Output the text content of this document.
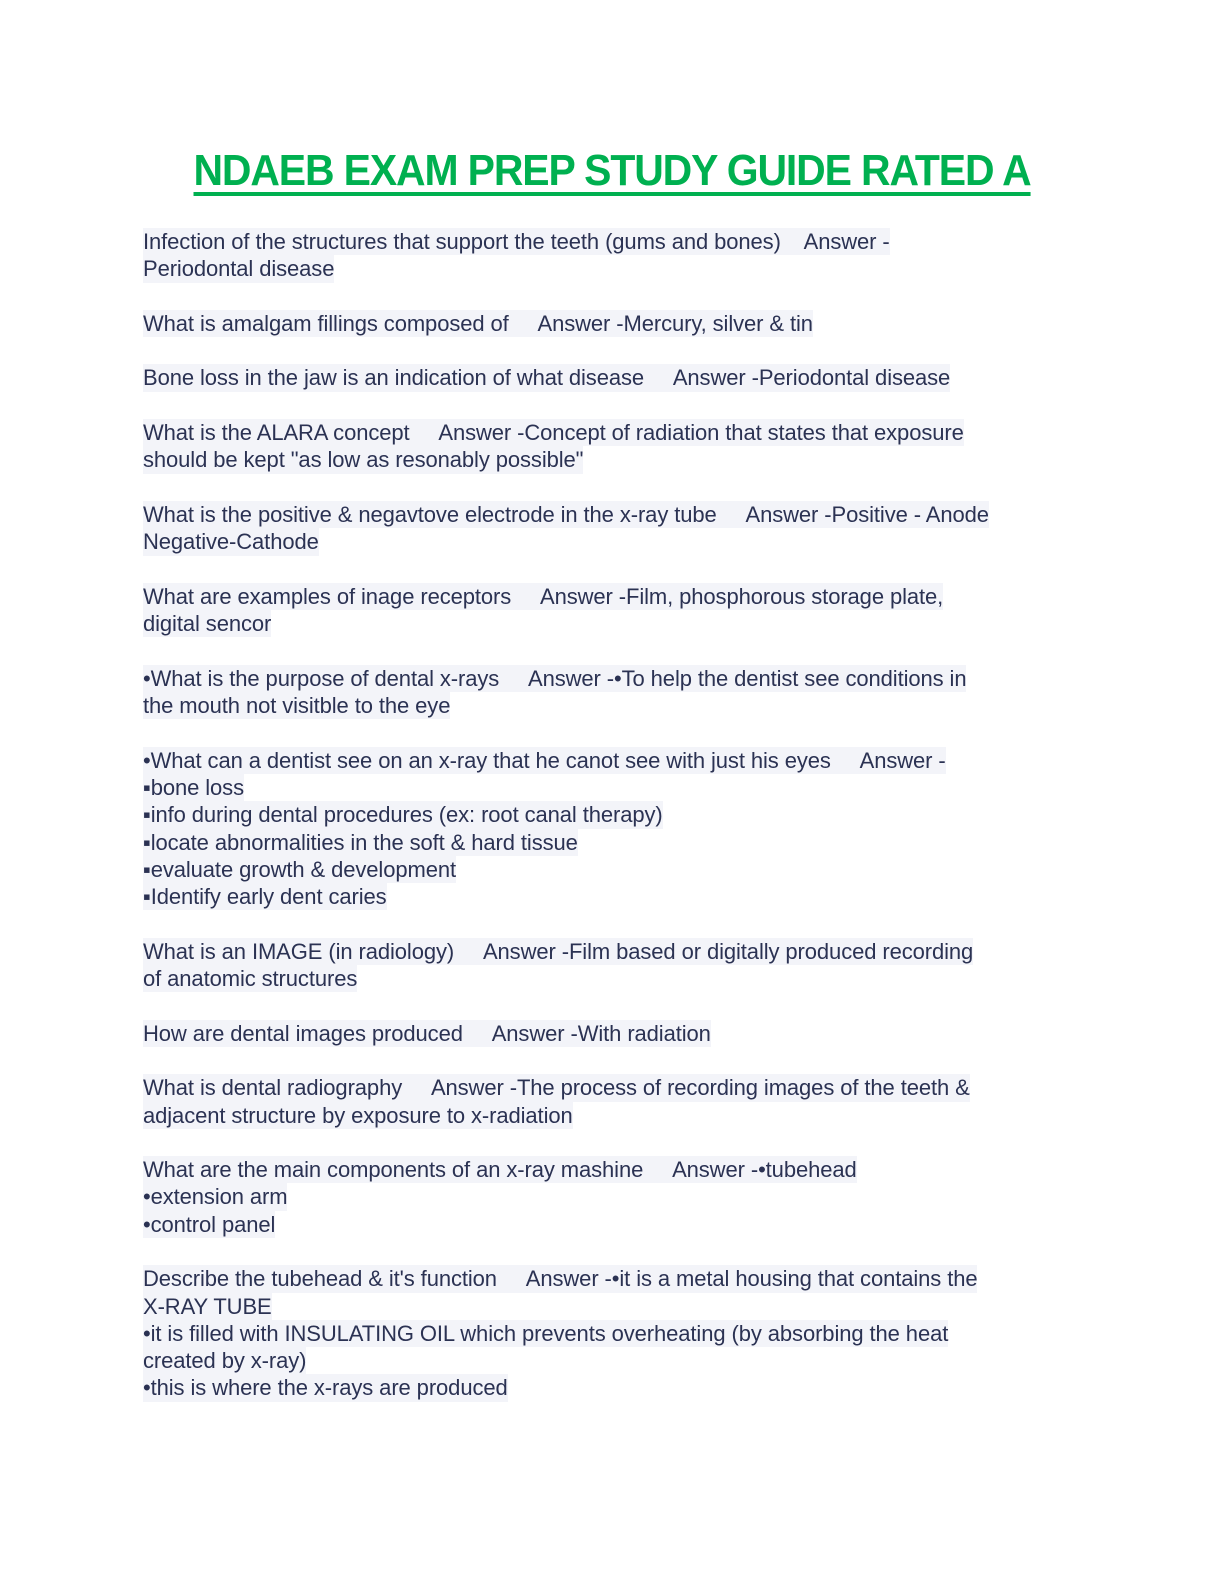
NDAEB EXAM PREP STUDY GUIDE RATED A
Infection of the structures that support the teeth (gums and bones)    Answer -
Periodontal disease
What is amalgam fillings composed of     Answer -Mercury, silver & tin
Bone loss in the jaw is an indication of what disease     Answer -Periodontal disease
What is the ALARA concept     Answer -Concept of radiation that states that exposure
should be kept "as low as resonably possible"
What is the positive & negavtove electrode in the x-ray tube     Answer -Positive - Anode
Negative-Cathode
What are examples of inage receptors     Answer -Film, phosphorous storage plate,
digital sencor
•What is the purpose of dental x-rays     Answer -•To help the dentist see conditions in
the mouth not visitble to the eye
•What can a dentist see on an x-ray that he canot see with just his eyes     Answer -
▪bone loss
▪info during dental procedures (ex: root canal therapy)
▪locate abnormalities in the soft & hard tissue
▪evaluate growth & development
▪Identify early dent caries
What is an IMAGE (in radiology)     Answer -Film based or digitally produced recording
of anatomic structures
How are dental images produced     Answer -With radiation
What is dental radiography     Answer -The process of recording images of the teeth &
adjacent structure by exposure to x-radiation
What are the main components of an x-ray mashine     Answer -•tubehead
•extension arm
•control panel
Describe the tubehead & it's function     Answer -•it is a metal housing that contains the
X-RAY TUBE
•it is filled with INSULATING OIL which prevents overheating (by absorbing the heat
created by x-ray)
•this is where the x-rays are produced
